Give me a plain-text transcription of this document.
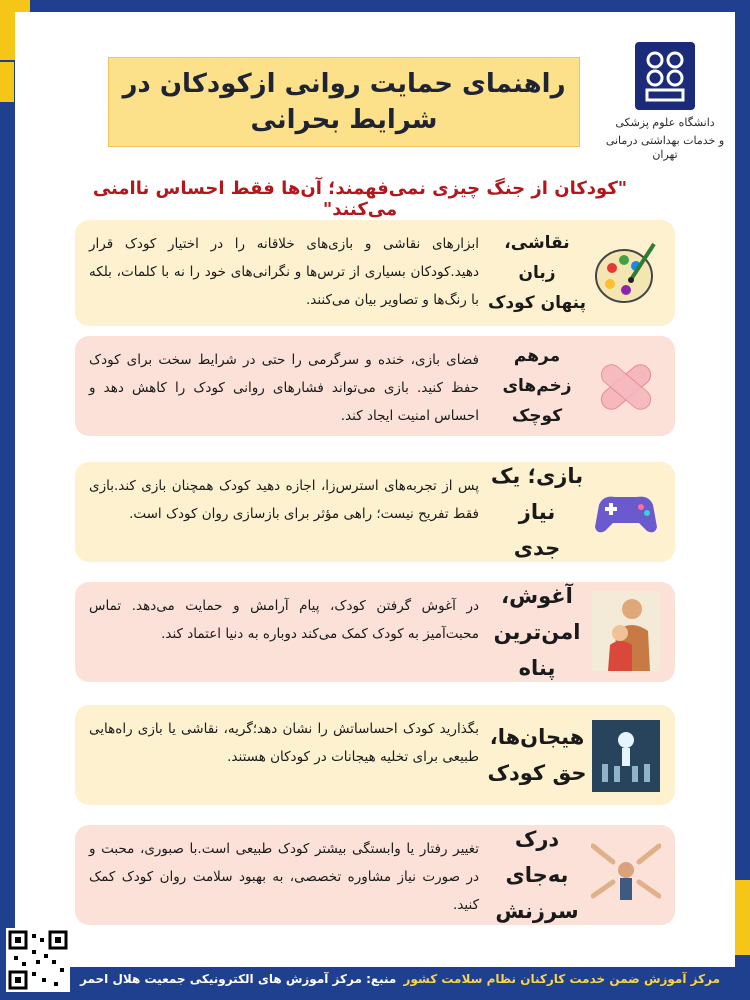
راهنمای حمایت روانی ازکودکان در
شرایط بحرانی	دانشگاه علوم پزشکی
و خدمات بهداشتی درمانی تهران
"کودکان از جنگ چیزی نمی‌فهمند؛ آن‌ها فقط احساس ناامنی می‌کنند"
ابزارهای نقاشی و بازی‌های خلاقانه را در اختیار کودک قرار دهید.کودکان بسیاری از ترس‌ها و نگرانی‌های خود را نه با کلمات، بلکه با رنگ‌ها و تصاویر بیان می‌کنند.
نقاشی، زبان
پنهان کودک
فضای بازی، خنده و سرگرمی را حتی در شرایط سخت برای کودک حفظ کنید. بازی می‌تواند فشارهای روانی کودک را کاهش دهد و احساس امنیت ایجاد کند.
مرهم زخم‌های
کوچک
پس از تجربه‌های استرس‌زا، اجازه دهید کودک همچنان بازی کند.بازی فقط تفریح نیست؛ راهی مؤثر برای بازسازی روان کودک است.
بازی؛ یک نیاز
جدی
در آغوش گرفتن کودک، پیام آرامش و حمایت می‌دهد. تماس محبت‌آمیز به کودک کمک می‌کند دوباره به دنیا اعتماد کند.
آغوش،
امن‌ترین پناه
بگذارید کودک احساساتش را نشان دهد؛گریه، نقاشی یا بازی راه‌هایی طبیعی برای تخلیه هیجانات در کودکان هستند.
هیجان‌ها،
حق کودک
تغییر رفتار یا وابستگی بیشتر کودک طبیعی است.با صبوری، محبت و در صورت نیاز مشاوره تخصصی، به بهبود سلامت روان کودک کمک کنید.
درک به‌جای
سرزنش
مرکز آموزش ضمن خدمت کارکنان نظام سلامت کشور
منبع: مرکز آموزش های الکترونیکی جمعیت هلال احمر
